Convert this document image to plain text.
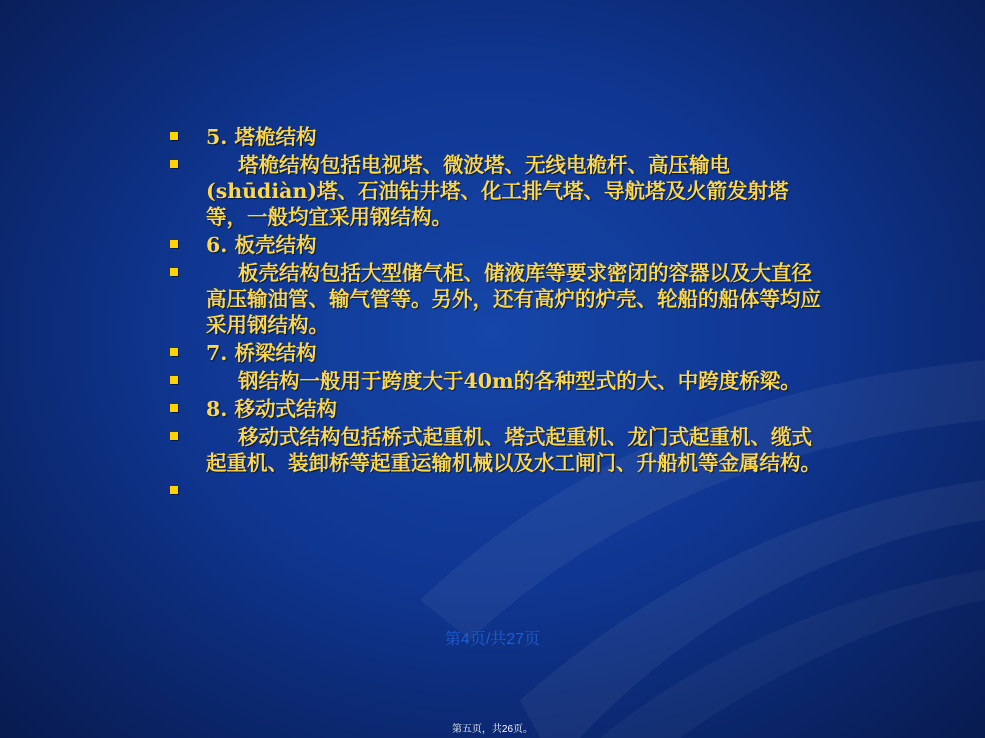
5. 塔桅结构
塔桅结构包括电视塔、微波塔、无线电桅杆、高压输电(shūdiàn)塔、石油钻井塔、化工排气塔、导航塔及火箭发射塔等，一般均宜采用钢结构。
6. 板壳结构
板壳结构包括大型储气柜、储液库等要求密闭的容器以及大直径高压输油管、输气管等。另外，还有高炉的炉壳、轮船的船体等均应采用钢结构。
7. 桥梁结构
钢结构一般用于跨度大于40m的各种型式的大、中跨度桥梁。
8. 移动式结构
移动式结构包括桥式起重机、塔式起重机、龙门式起重机、缆式起重机、装卸桥等起重运输机械以及水工闸门、升船机等金属结构。
第4页/共27页
第五页，共26页。
